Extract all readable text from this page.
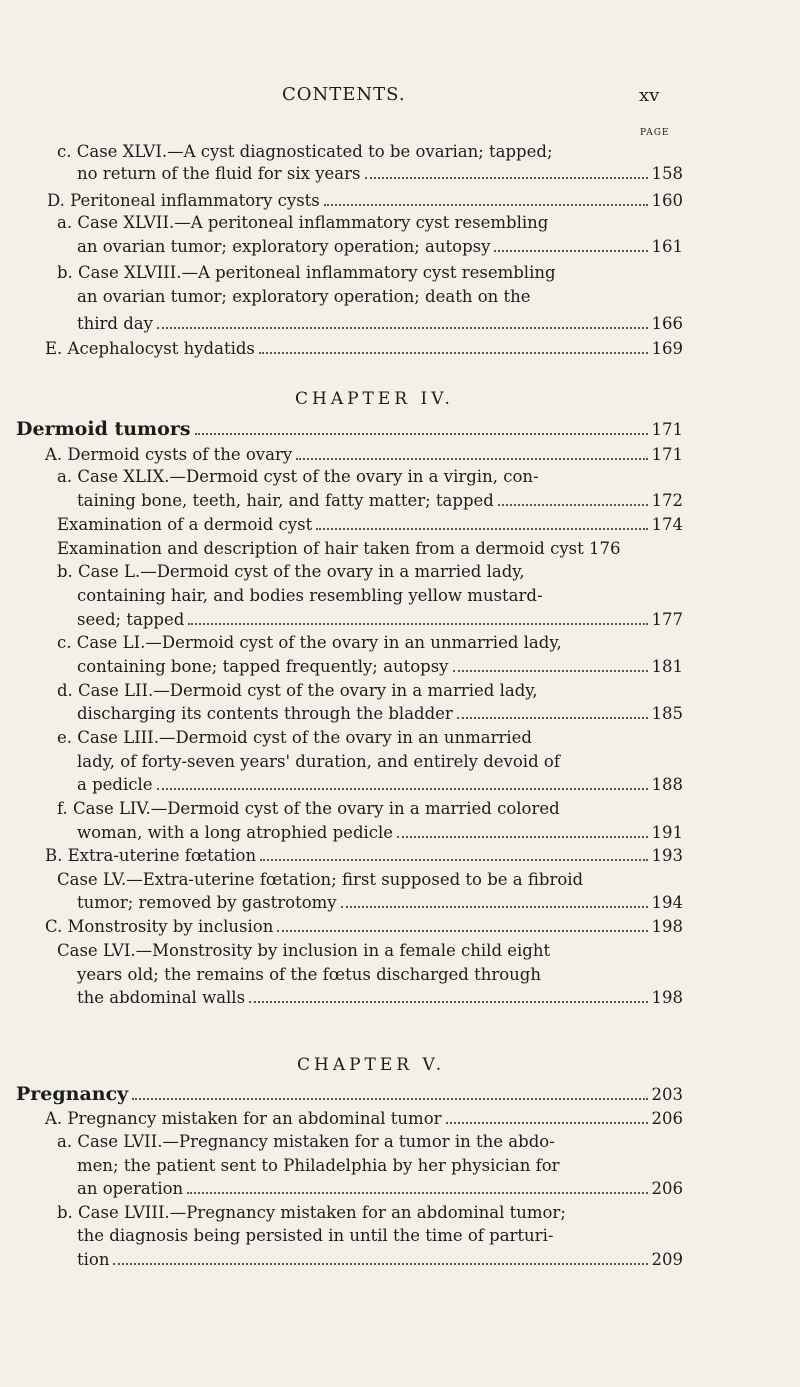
CONTENTS.	xv
PAGE
c. Case XLVI.—A cyst diagnosticated to be ovarian; tapped;
no return of the fluid for six years	158
D. Peritoneal inflammatory cysts	160
a. Case XLVII.—A peritoneal inflammatory cyst resembling
an ovarian tumor; exploratory operation; autopsy	161
b. Case XLVIII.—A peritoneal inflammatory cyst resembling
an ovarian tumor; exploratory operation; death on the
third day	166
E. Acephalocyst hydatids	169
CHAPTER IV.
Dermoid tumors	171
A. Dermoid cysts of the ovary	171
a. Case XLIX.—Dermoid cyst of the ovary in a virgin, con-
taining bone, teeth, hair, and fatty matter; tapped	172
Examination of a dermoid cyst	174
Examination and description of hair taken from a dermoid cyst 176
b. Case L.—Dermoid cyst of the ovary in a married lady,
containing hair, and bodies resembling yellow mustard-
seed; tapped	177
c. Case LI.—Dermoid cyst of the ovary in an unmarried lady,
containing bone; tapped frequently; autopsy	181
d. Case LII.—Dermoid cyst of the ovary in a married lady,
discharging its contents through the bladder	185
e. Case LIII.—Dermoid cyst of the ovary in an unmarried
lady, of forty-seven years' duration, and entirely devoid of
a pedicle	188
f. Case LIV.—Dermoid cyst of the ovary in a married colored
woman, with a long atrophied pedicle	191
B. Extra-uterine fœtation	193
Case LV.—Extra-uterine fœtation; first supposed to be a fibroid
tumor; removed by gastrotomy	194
C. Monstrosity by inclusion	198
Case LVI.—Monstrosity by inclusion in a female child eight
years old; the remains of the fœtus discharged through
the abdominal walls	198
CHAPTER V.
Pregnancy	203
A. Pregnancy mistaken for an abdominal tumor	206
a. Case LVII.—Pregnancy mistaken for a tumor in the abdo-
men; the patient sent to Philadelphia by her physician for
an operation	206
b. Case LVIII.—Pregnancy mistaken for an abdominal tumor;
the diagnosis being persisted in until the time of parturi-
tion	209
